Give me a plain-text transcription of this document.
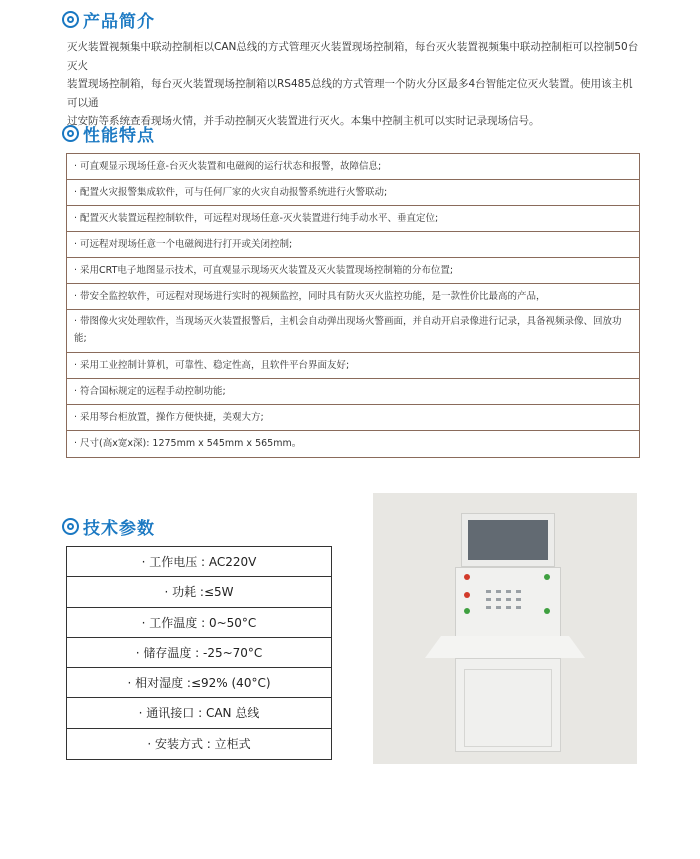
产品简介
灭火装置视频集中联动控制柜以CAN总线的方式管理灭火装置现场控制箱，每台灭火装置视频集中联动控制柜可以控制50台灭火
装置现场控制箱，每台灭火装置现场控制箱以RS485总线的方式管理一个防火分区最多4台智能定位灭火装置。使用该主机可以通
过安防等系统查看现场火情，并手动控制灭火装置进行灭火。本集中控制主机可以实时记录现场信号。
性能特点
· 可直观显示现场任意-台灭火装置和电磁阀的运行状态和报警，故障信息;
· 配置火灾报警集成软件，可与任何厂家的火灾自动报警系统进行火警联动;
· 配置灭火装置远程控制软件，可远程对现场任意-灭火装置进行纯手动水平、垂直定位;
· 可远程对现场任意一个电磁阀进行打开或关闭控制;
· 采用CRT电子地图显示技术，可直观显示现场灭火装置及灭火装置现场控制箱的分布位置;
· 带安全监控软件，可远程对现场进行实时的视频监控，同时具有防火灭火监控功能，是一款性价比最高的产品，
· 带图像火灾处理软件，当现场灭火装置报警后，主机会自动弹出现场火警画面，并自动开启录像进行记录，具备视频录像、回放功能;
· 采用工业控制计算机，可靠性、稳定性高，且软件平台界面友好;
· 符合国标规定的远程手动控制功能;
· 采用琴台柜放置，操作方便快捷，美观大方;
· 尺寸(高x宽x深): 1275mm x 545mm x 565mm。
技术参数
· 工作电压 : AC220V
· 功耗 :≤5W
· 工作温度 : 0~50°C
· 储存温度 : -25~70°C
· 相对湿度 :≤92% (40°C)
· 通讯接口 : CAN 总线
· 安装方式 : 立柜式
